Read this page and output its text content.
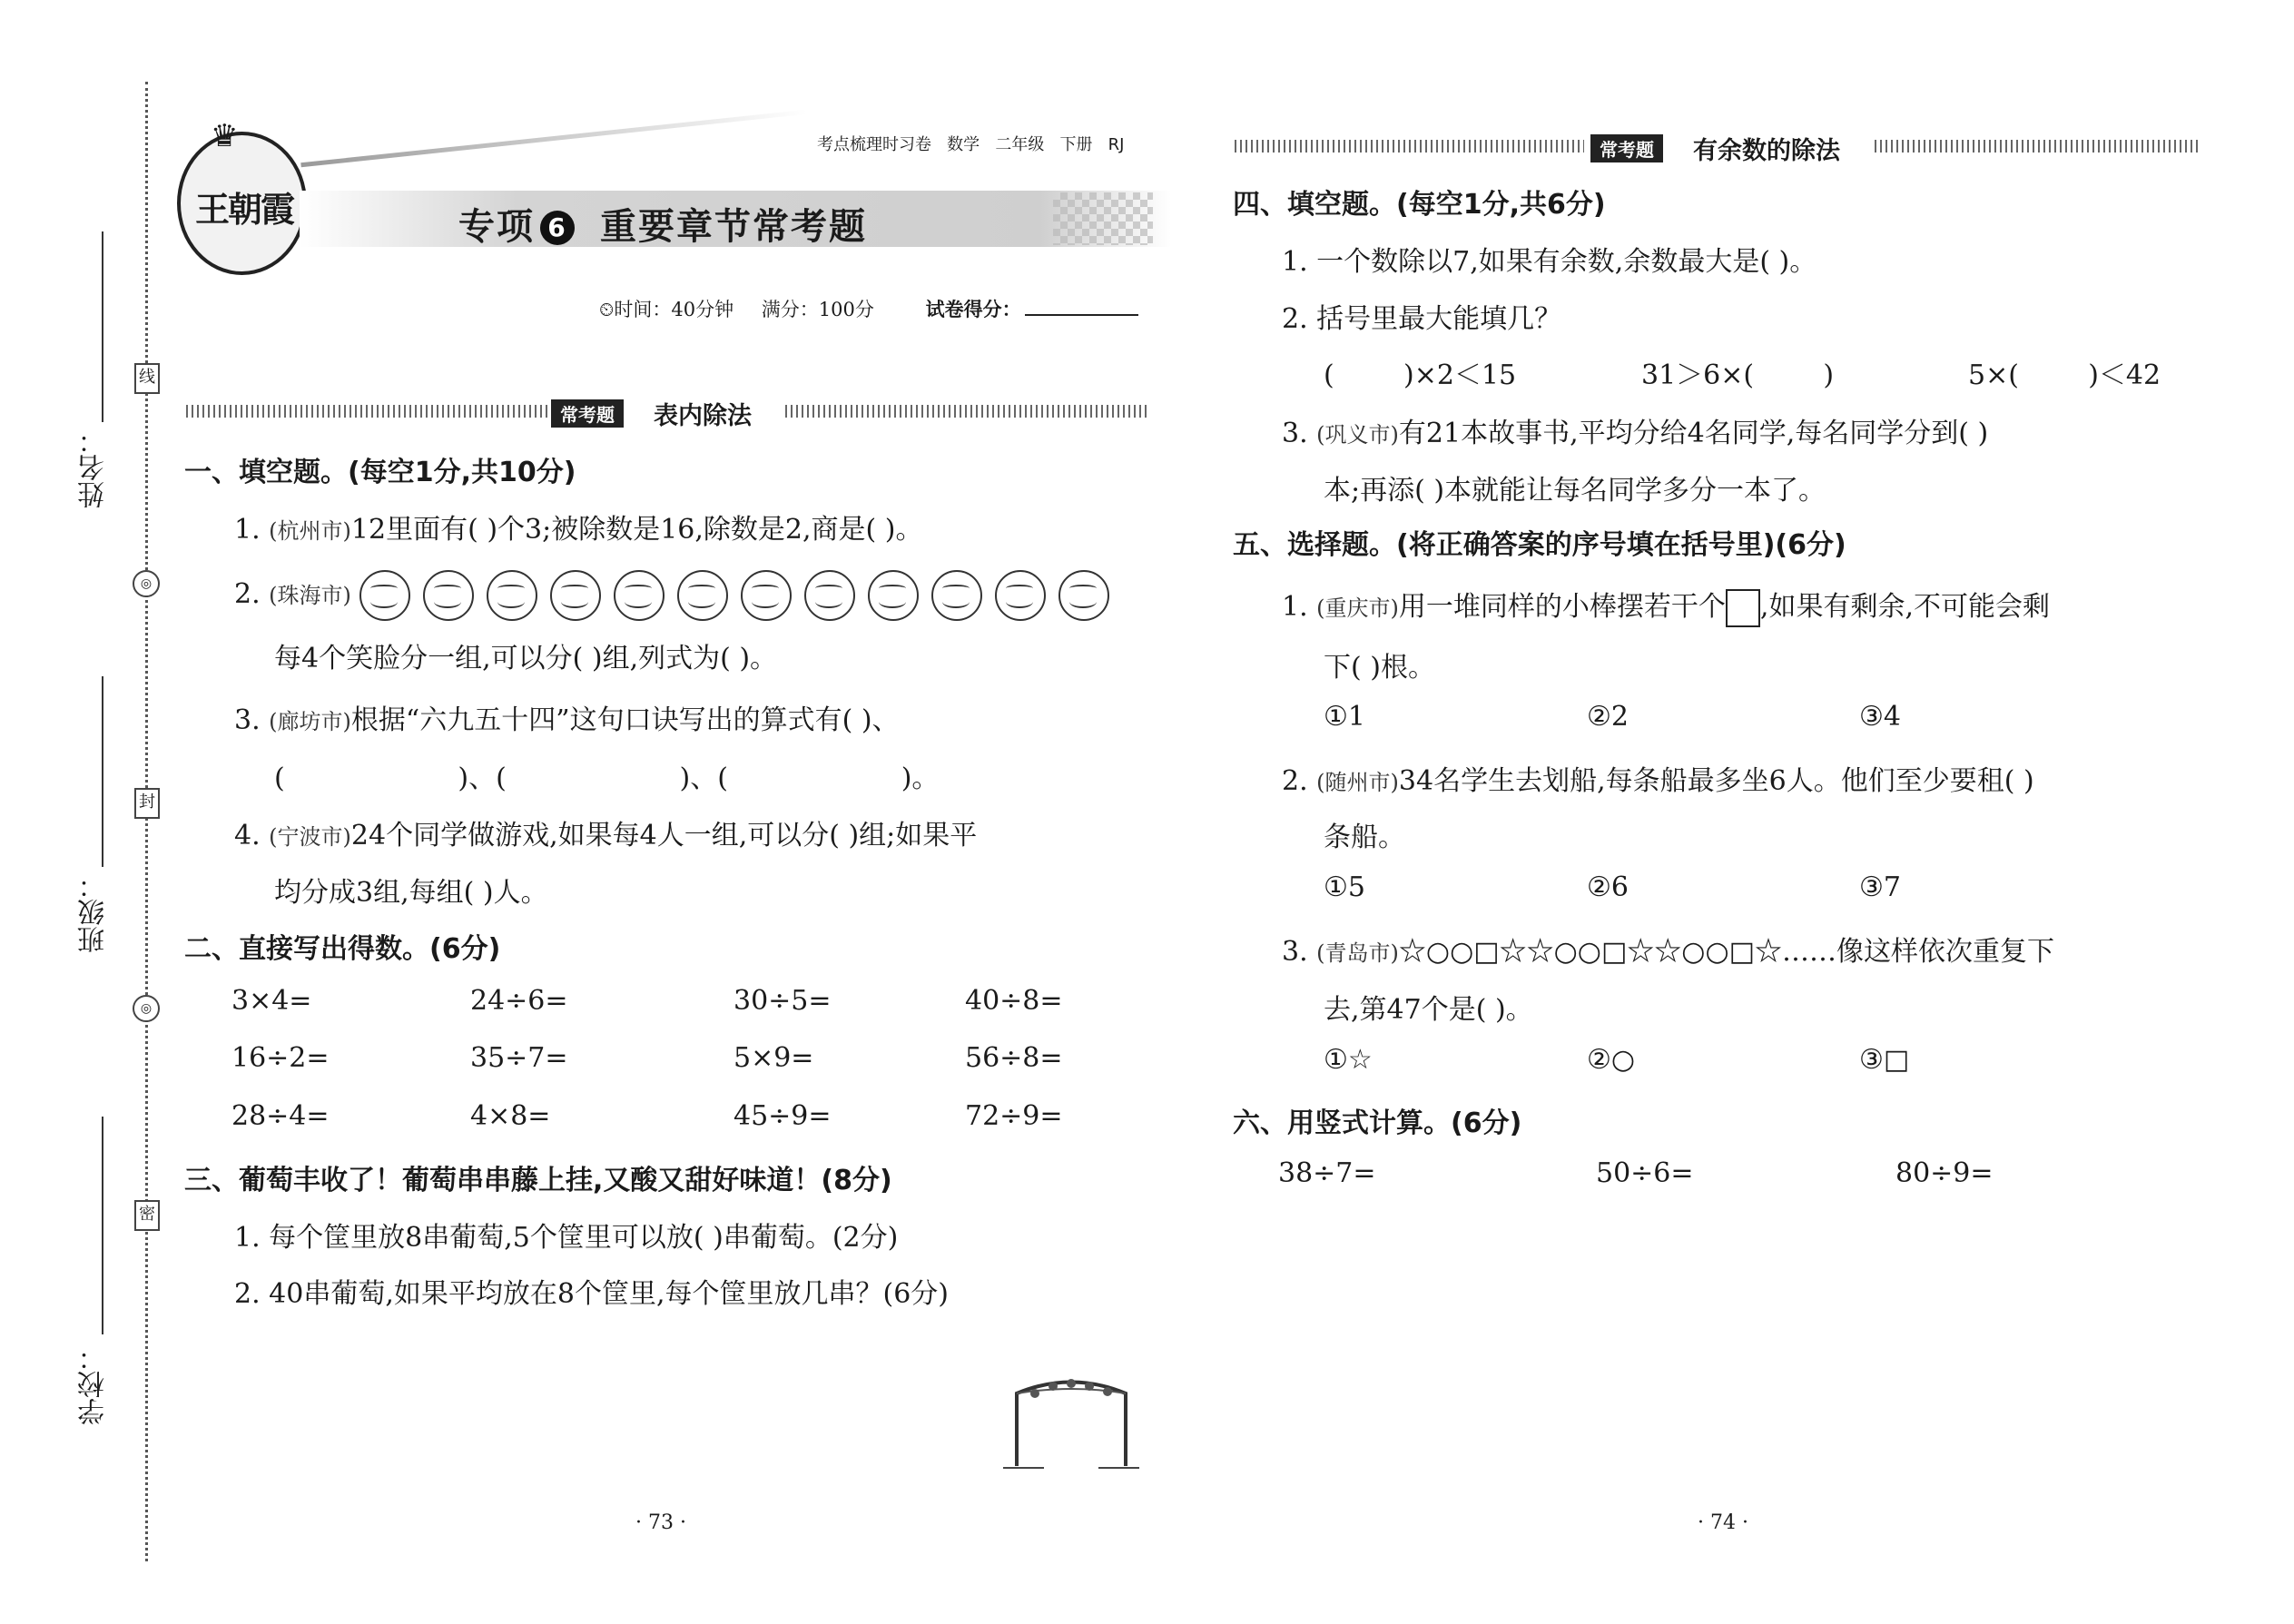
姓名：
班级：
学校：
线
◎
封
◎
密
♛
王朝霞
考点梳理时习卷   数学   二年级   下册   RJ
专项 6 重要章节常考题
⏲时间：40分钟 满分：100分	试卷得分：
常考题	表内除法
一、填空题。(每空1分,共10分)
1. (杭州市)12里面有( )个3;被除数是16,除数是2,商是( )。
2. (珠海市)
每4个笑脸分一组,可以分( )组,列式为( )。
3. (廊坊市)根据“六九五十四”这句口诀写出的算式有( )、
(                    )、(                    )、(                    )。
4. (宁波市)24个同学做游戏,如果每4人一组,可以分( )组;如果平
均分成3组,每组( )人。
二、直接写出得数。(6分)
3×4=	24÷6=	30÷5=	40÷8=
16÷2=	35÷7=	5×9=	56÷8=
28÷4=	4×8=	45÷9=	72÷9=
三、葡萄丰收了！葡萄串串藤上挂,又酸又甜好味道！(8分)
1. 每个筐里放8串葡萄,5个筐里可以放( )串葡萄。(2分)
2. 40串葡萄,如果平均放在8个筐里,每个筐里放几串？(6分)
· 73 ·
常考题	有余数的除法
四、填空题。(每空1分,共6分)
1. 一个数除以7,如果有余数,余数最大是( )。
2. 括号里最大能填几？
(        )×2＜15	31＞6×(        )	5×(        )＜42
3. (巩义市)有21本故事书,平均分给4名同学,每名同学分到( )
本;再添( )本就能让每名同学多分一本了。
五、选择题。(将正确答案的序号填在括号里)(6分)
1. (重庆市)用一堆同样的小棒摆若干个 ,如果有剩余,不可能会剩
下( )根。
①1	②2	③4
2. (随州市)34名学生去划船,每条船最多坐6人。他们至少要租( )
条船。
①5	②6	③7
3. (青岛市)☆○○□☆☆○○□☆☆○○□☆……像这样依次重复下
去,第47个是( )。
①☆	②○	③□
六、用竖式计算。(6分)
38÷7=	50÷6=	80÷9=
· 74 ·
